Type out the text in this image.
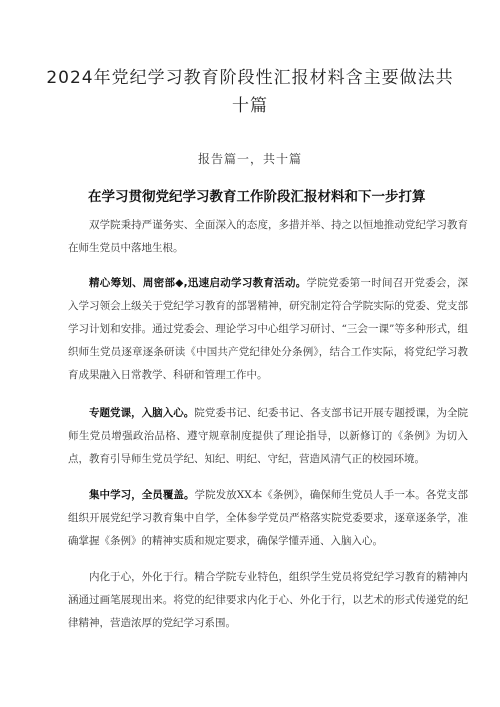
2024年党纪学习教育阶段性汇报材料含主要做法共十篇
报告篇一，共十篇
在学习贯彻党纪学习教育工作阶段汇报材料和下一步打算

双学院秉持严谨务实、全面深入的态度，多措并举、持之以恒地推动党纪学习教育在师生党员中落地生根。

精心筹划、周密部◆,迅速启动学习教育活动。学院党委第一时间召开党委会，深入学习领会上级关于党纪学习教育的部署精神，研究制定符合学院实际的党委、党支部学习计划和安排。通过党委会、理论学习中心组学习研讨、“三会一课”等多种形式，组织师生党员逐章逐条研读《中国共产党纪律处分条例》，结合工作实际，将党纪学习教育成果融入日常教学、科研和管理工作中。

专题党课，入脑入心。院党委书记、纪委书记、各支部书记开展专题授课，为全院师生党员增强政治品格、遵守规章制度提供了理论指导，以新修订的《条例》为切入点，教育引导师生党员学纪、知纪、明纪、守纪，营造风清气正的校园环境。

集中学习，全员覆盖。学院发放XX本《条例》，确保师生党员人手一本。各党支部组织开展党纪学习教育集中自学，全体参学党员严格落实院党委要求，逐章逐条学，准确掌握《条例》的精神实质和规定要求，确保学懂弄通、入脑入心。

内化于心，外化于行。精合学院专业特色，组织学生党员将党纪学习教育的精神内涵通过画笔展现出来。将党的纪律要求内化于心、外化于行，以艺术的形式传递党的纪律精神，营造浓厚的党纪学习系围。
